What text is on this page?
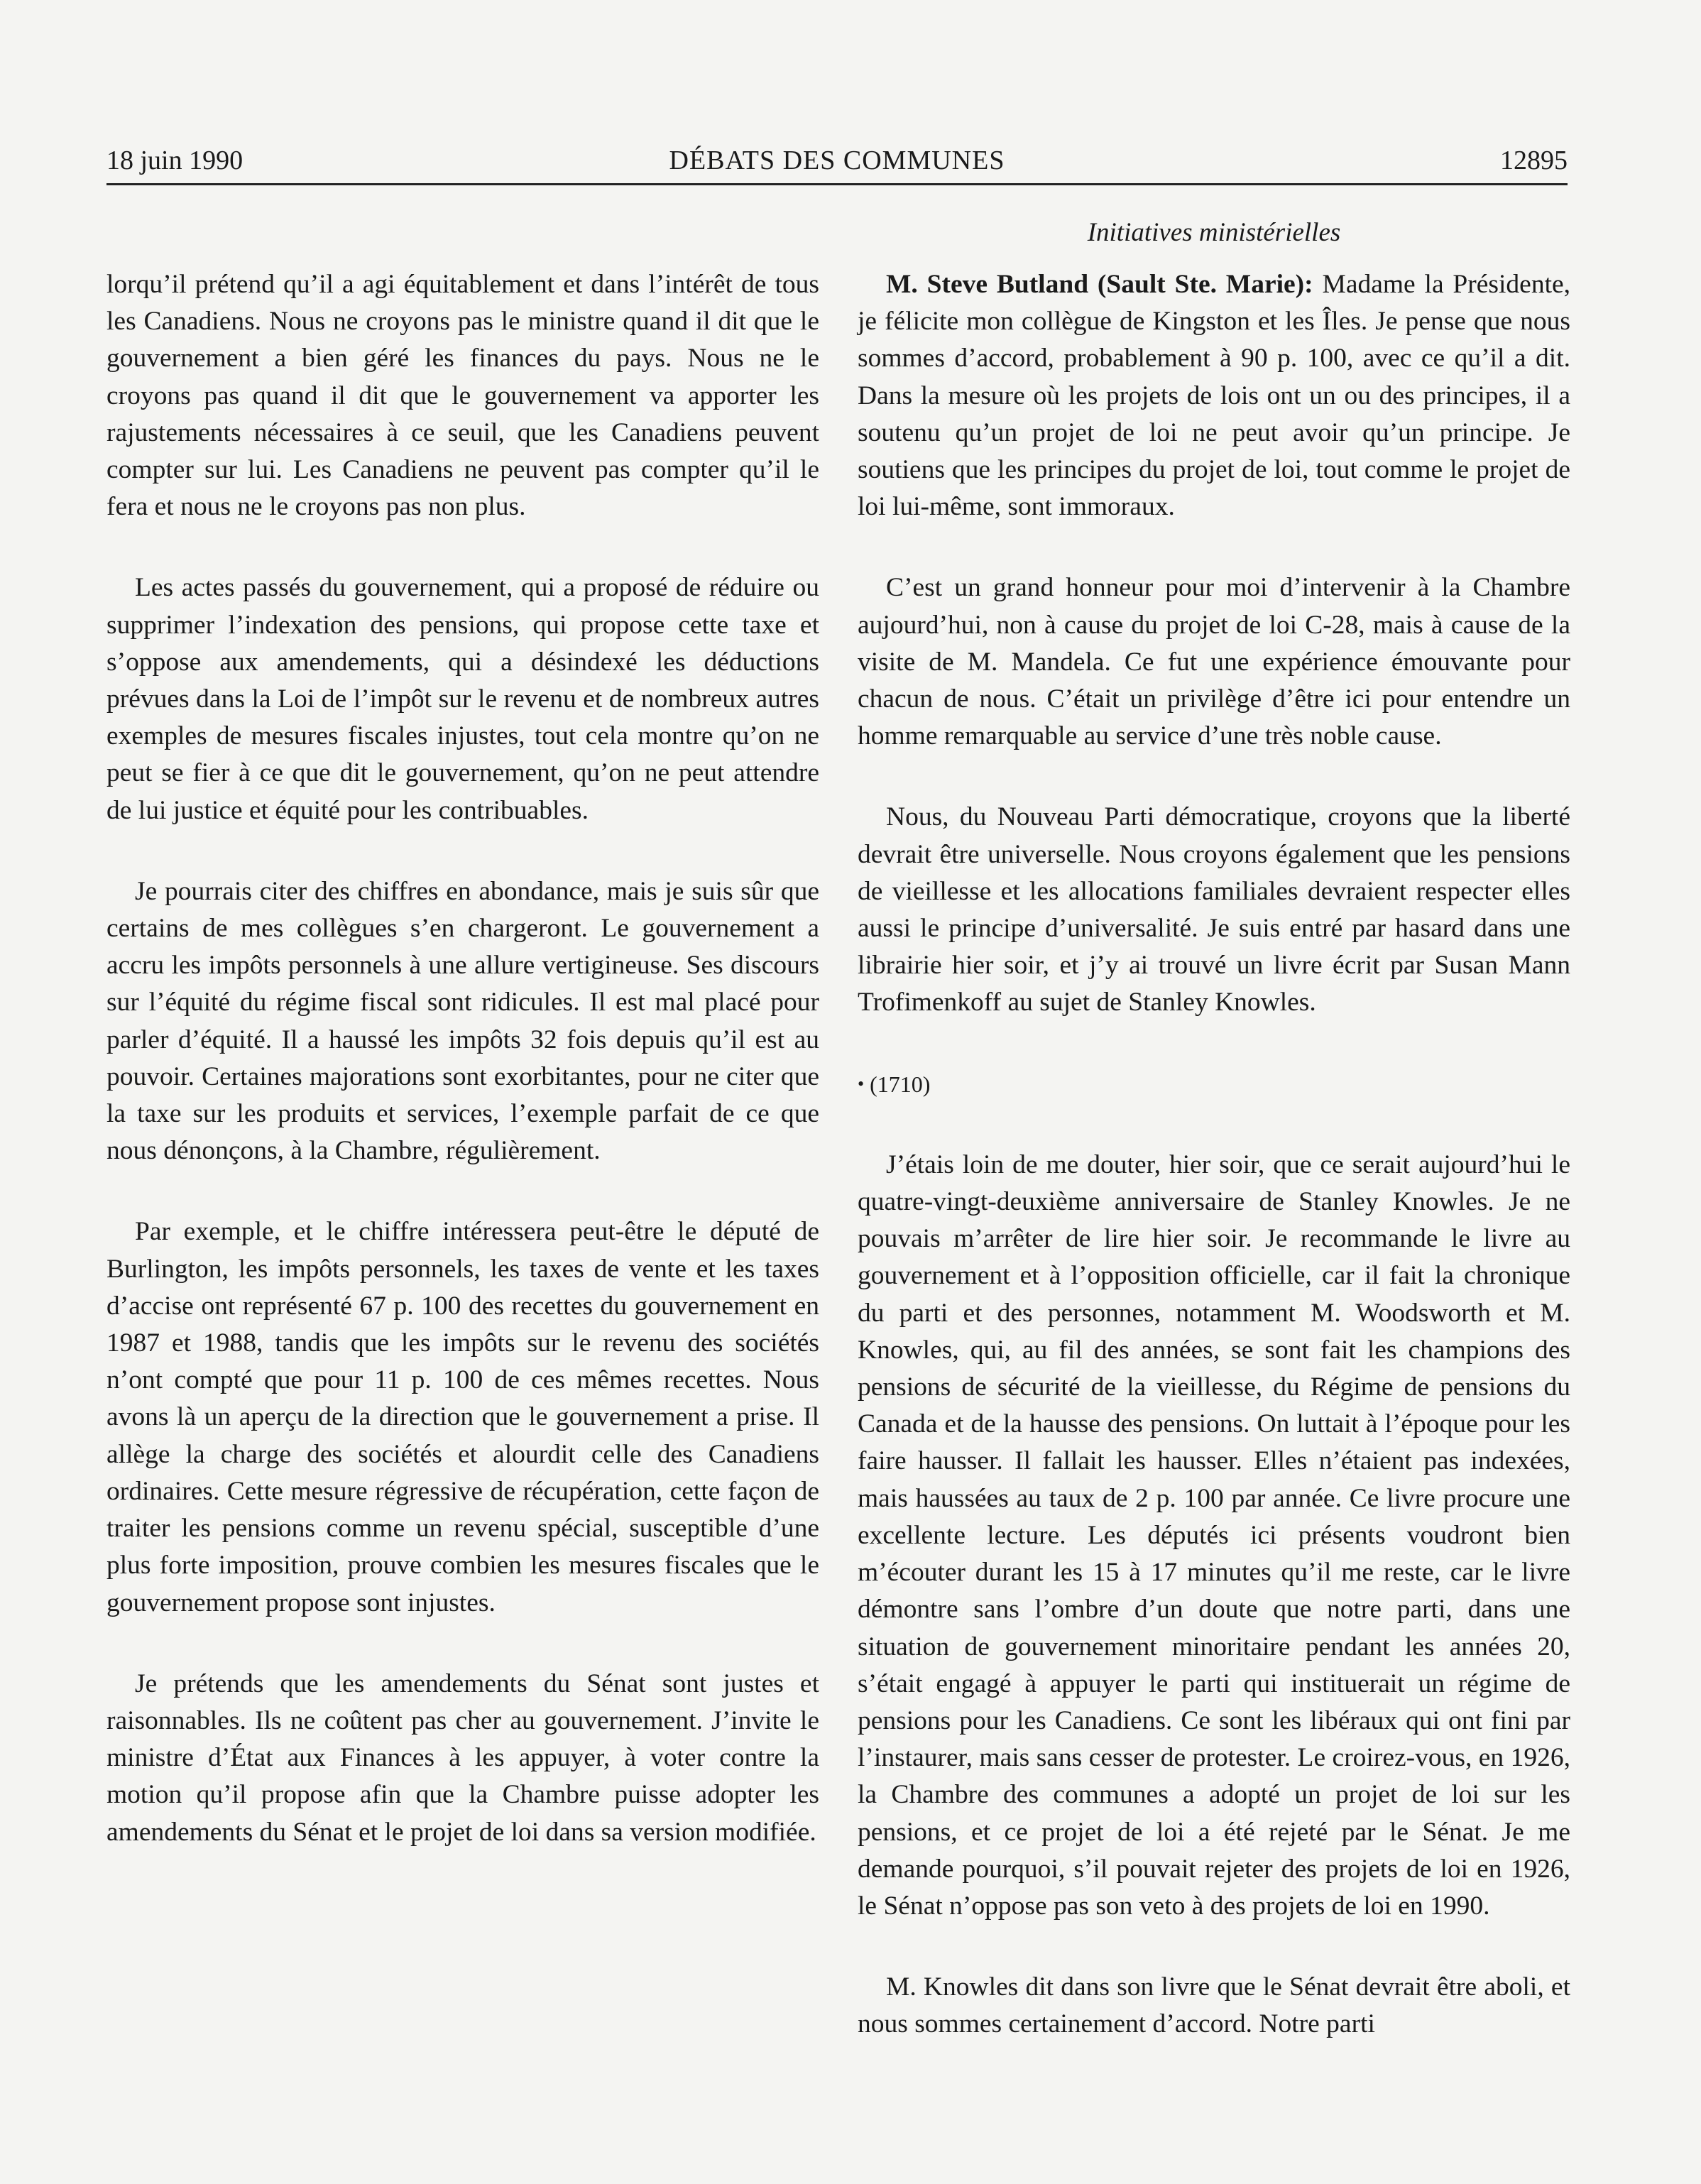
18 juin 1990	DÉBATS DES COMMUNES	12895

lorqu’il prétend qu’il a agi équitablement et dans l’intérêt de tous les Canadiens. Nous ne croyons pas le ministre quand il dit que le gouvernement a bien géré les finances du pays. Nous ne le croyons pas quand il dit que le gouvernement va apporter les rajustements nécessaires à ce seuil, que les Canadiens peuvent compter sur lui. Les Canadiens ne peuvent pas compter qu’il le fera et nous ne le croyons pas non plus.

Les actes passés du gouvernement, qui a proposé de réduire ou supprimer l’indexation des pensions, qui propose cette taxe et s’oppose aux amendements, qui a désindexé les déductions prévues dans la Loi de l’impôt sur le revenu et de nombreux autres exemples de mesures fiscales injustes, tout cela montre qu’on ne peut se fier à ce que dit le gouvernement, qu’on ne peut attendre de lui justice et équité pour les contribuables.

Je pourrais citer des chiffres en abondance, mais je suis sûr que certains de mes collègues s’en chargeront. Le gouvernement a accru les impôts personnels à une allure vertigineuse. Ses discours sur l’équité du régime fiscal sont ridicules. Il est mal placé pour parler d’équité. Il a haussé les impôts 32 fois depuis qu’il est au pouvoir. Certaines majorations sont exorbitantes, pour ne citer que la taxe sur les produits et services, l’exemple parfait de ce que nous dénonçons, à la Chambre, régulièrement.

Par exemple, et le chiffre intéressera peut-être le député de Burlington, les impôts personnels, les taxes de vente et les taxes d’accise ont représenté 67 p. 100 des recettes du gouvernement en 1987 et 1988, tandis que les impôts sur le revenu des sociétés n’ont compté que pour 11 p. 100 de ces mêmes recettes. Nous avons là un aperçu de la direction que le gouvernement a prise. Il allège la charge des sociétés et alourdit celle des Canadiens ordinaires. Cette mesure régressive de récupération, cette façon de traiter les pensions comme un revenu spécial, susceptible d’une plus forte imposition, prouve combien les mesures fiscales que le gouvernement propose sont injustes.

Je prétends que les amendements du Sénat sont justes et raisonnables. Ils ne coûtent pas cher au gouvernement. J’invite le ministre d’État aux Finances à les appuyer, à voter contre la motion qu’il propose afin que la Chambre puisse adopter les amendements du Sénat et le projet de loi dans sa version modifiée.

Initiatives ministérielles

M. Steve Butland (Sault Ste. Marie): Madame la Présidente, je félicite mon collègue de Kingston et les Îles. Je pense que nous sommes d’accord, probablement à 90 p. 100, avec ce qu’il a dit. Dans la mesure où les projets de lois ont un ou des principes, il a soutenu qu’un projet de loi ne peut avoir qu’un principe. Je soutiens que les principes du projet de loi, tout comme le projet de loi lui-même, sont immoraux.

C’est un grand honneur pour moi d’intervenir à la Chambre aujourd’hui, non à cause du projet de loi C-28, mais à cause de la visite de M. Mandela. Ce fut une expérience émouvante pour chacun de nous. C’était un privilège d’être ici pour entendre un homme remarquable au service d’une très noble cause.

Nous, du Nouveau Parti démocratique, croyons que la liberté devrait être universelle. Nous croyons également que les pensions de vieillesse et les allocations familiales devraient respecter elles aussi le principe d’universalité. Je suis entré par hasard dans une librairie hier soir, et j’y ai trouvé un livre écrit par Susan Mann Trofimenkoff au sujet de Stanley Knowles.

• (1710)

J’étais loin de me douter, hier soir, que ce serait aujourd’hui le quatre-vingt-deuxième anniversaire de Stanley Knowles. Je ne pouvais m’arrêter de lire hier soir. Je recommande le livre au gouvernement et à l’opposition officielle, car il fait la chronique du parti et des personnes, notamment M. Woodsworth et M. Knowles, qui, au fil des années, se sont fait les champions des pensions de sécurité de la vieillesse, du Régime de pensions du Canada et de la hausse des pensions. On luttait à l’époque pour les faire hausser. Il fallait les hausser. Elles n’étaient pas indexées, mais haussées au taux de 2 p. 100 par année. Ce livre procure une excellente lecture. Les députés ici présents voudront bien m’écouter durant les 15 à 17 minutes qu’il me reste, car le livre démontre sans l’ombre d’un doute que notre parti, dans une situation de gouvernement minoritaire pendant les années 20, s’était engagé à appuyer le parti qui instituerait un régime de pensions pour les Canadiens. Ce sont les libéraux qui ont fini par l’instaurer, mais sans cesser de protester. Le croirez-vous, en 1926, la Chambre des communes a adopté un projet de loi sur les pensions, et ce projet de loi a été rejeté par le Sénat. Je me demande pourquoi, s’il pouvait rejeter des projets de loi en 1926, le Sénat n’oppose pas son veto à des projets de loi en 1990.

M. Knowles dit dans son livre que le Sénat devrait être aboli, et nous sommes certainement d’accord. Notre parti
